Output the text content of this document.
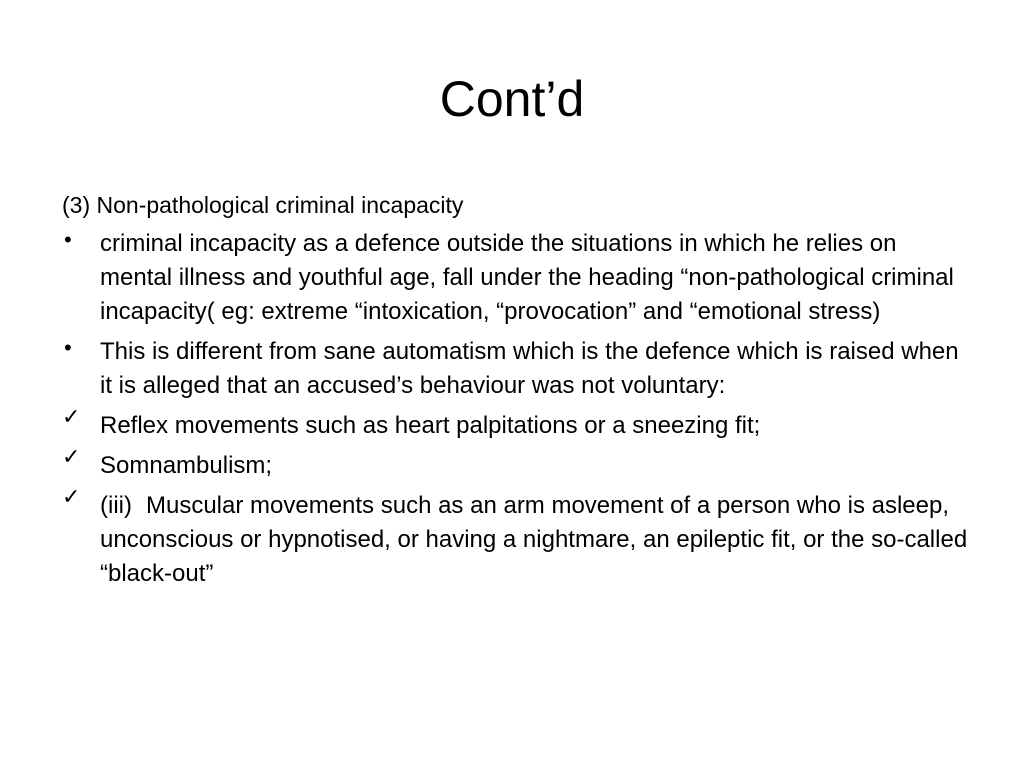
Cont’d
(3) Non-pathological criminal incapacity
•	criminal incapacity as a defence outside the situations in which he relies on mental illness and youthful age, fall under the heading “non-pathological criminal incapacity( eg: extreme “intoxication, “provocation” and “emotional stress)
•	This is different from sane automatism which is the defence which is raised when it is alleged that an accused’s behaviour was not voluntary:
✓ Reflex movements such as heart palpitations or a sneezing fit;
✓ Somnambulism;
✓ (iii) Muscular movements such as an arm movement of a person who is asleep, unconscious or hypnotised, or having a nightmare, an epileptic fit, or the so-called “black-out”
